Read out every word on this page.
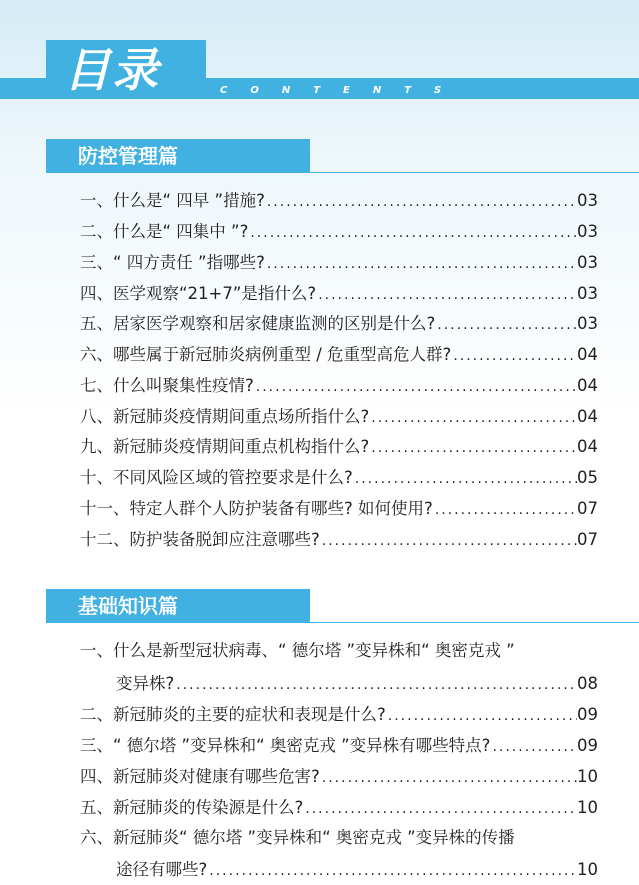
目录	CONTENTS
防控管理篇
一、 什么是“ 四早 ”措施? .....	03
二、 什么是“ 四集中 ”? .....	03
三、 “ 四方责任 ”指哪些? .....	03
四、 医学观察“21+7”是指什么? .....	03
五、 居家医学观察和居家健康监测的区别是什么? .....	03
六、 哪些属于新冠肺炎病例重型 / 危重型高危人群? .....	04
七、 什么叫聚集性疫情? .....	04
八、 新冠肺炎疫情期间重点场所指什么? .....	04
九、 新冠肺炎疫情期间重点机构指什么? .....	04
十、 不同风险区域的管控要求是什么? .....	05
十一、 特定人群个人防护装备有哪些? 如何使用? .....	07
十二、 防护装备脱卸应注意哪些? .....	07
基础知识篇
一、什么是新型冠状病毒、“ 德尔塔 ”变异株和“ 奥密克戎 ”
变异株? .....	08
二、 新冠肺炎的主要的症状和表现是什么? .....	09
三、 “ 德尔塔 ”变异株和“ 奥密克戎 ”变异株有哪些特点? .....	09
四、 新冠肺炎对健康有哪些危害? .....	10
五、 新冠肺炎的传染源是什么? .....	10
六、新冠肺炎“ 德尔塔 ”变异株和“ 奥密克戎 ”变异株的传播
途径有哪些? .....	10
